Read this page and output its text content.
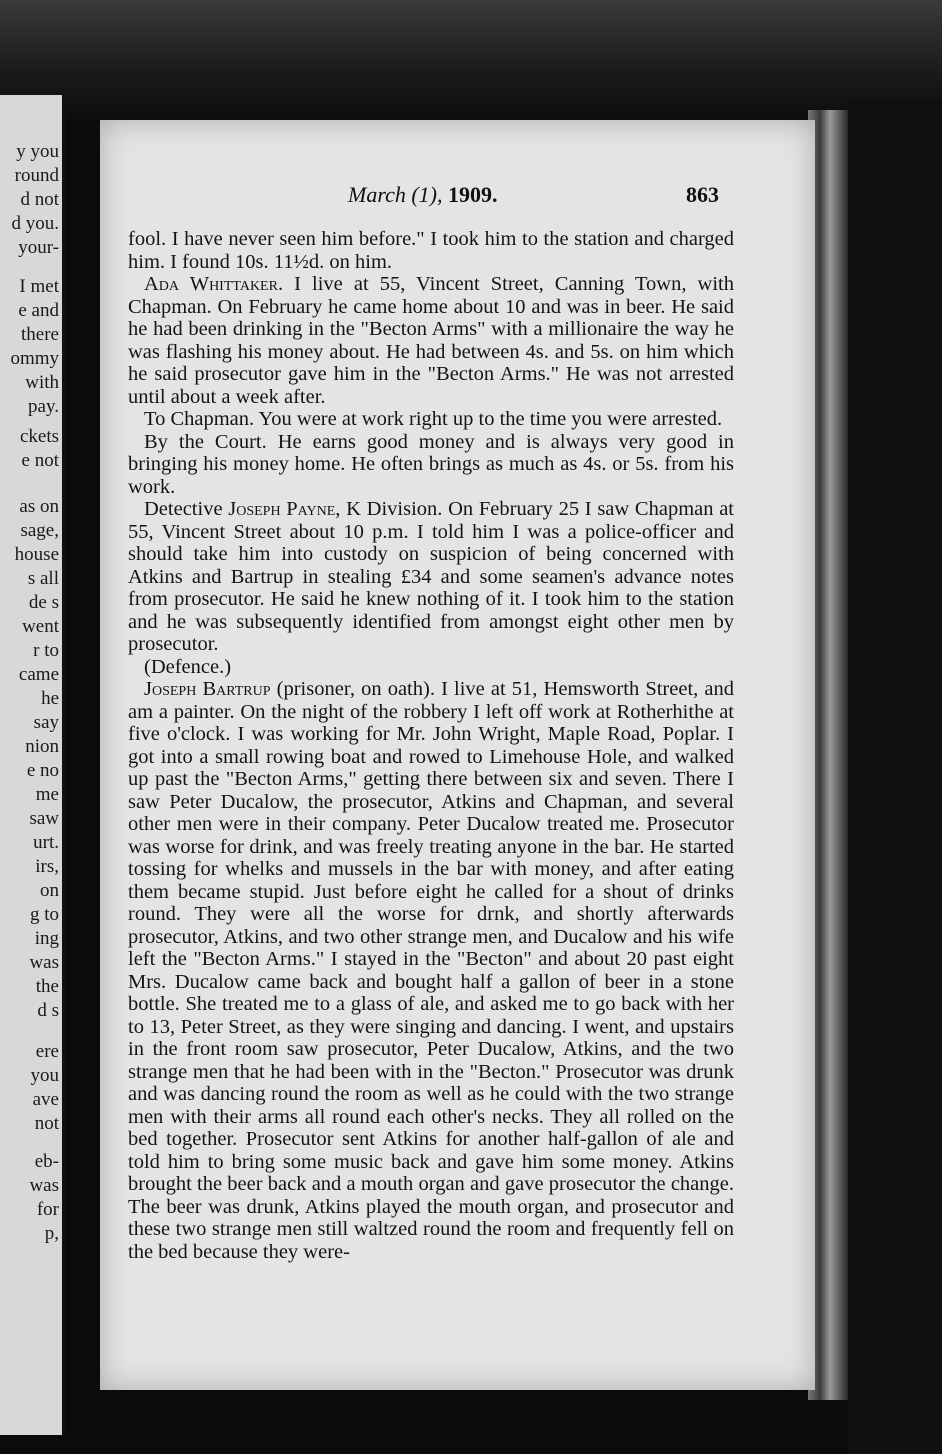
y you
round
d not
d you.
your-
I met
e and
there
ommy
with
pay.
ckets
e not
as on
sage,
house
s all
de s
went
r to
came
he
say
nion
e no
me
saw
urt.
irs,
on
g to
ing
was
the
d s
ere
you
ave
not
eb-
was
for
p,
March (1), 1909.	863

fool. I have never seen him before." I took him to the station and charged him. I found 10s. 11½d. on him.

Ada Whittaker. I live at 55, Vincent Street, Canning Town, with Chapman. On February he came home about 10 and was in beer. He said he had been drinking in the "Becton Arms" with a millionaire the way he was flashing his money about. He had between 4s. and 5s. on him which he said prosecutor gave him in the "Becton Arms." He was not arrested until about a week after.

To Chapman. You were at work right up to the time you were arrested.

By the Court. He earns good money and is always very good in bringing his money home. He often brings as much as 4s. or 5s. from his work.

Detective Joseph Payne, K Division. On February 25 I saw Chapman at 55, Vincent Street about 10 p.m. I told him I was a police-officer and should take him into custody on suspicion of being concerned with Atkins and Bartrup in stealing £34 and some seamen's advance notes from prosecutor. He said he knew nothing of it. I took him to the station and he was subsequently identified from amongst eight other men by prosecutor.

(Defence.)

Joseph Bartrup (prisoner, on oath). I live at 51, Hemsworth Street, and am a painter. On the night of the robbery I left off work at Rotherhithe at five o'clock. I was working for Mr. John Wright, Maple Road, Poplar. I got into a small rowing boat and rowed to Limehouse Hole, and walked up past the "Becton Arms," getting there between six and seven. There I saw Peter Ducalow, the prosecutor, Atkins and Chapman, and several other men were in their company. Peter Ducalow treated me. Prosecutor was worse for drink, and was freely treating anyone in the bar. He started tossing for whelks and mussels in the bar with money, and after eating them became stupid. Just before eight he called for a shout of drinks round. They were all the worse for drnk, and shortly afterwards prosecutor, Atkins, and two other strange men, and Ducalow and his wife left the "Becton Arms." I stayed in the "Becton" and about 20 past eight Mrs. Ducalow came back and bought half a gallon of beer in a stone bottle. She treated me to a glass of ale, and asked me to go back with her to 13, Peter Street, as they were singing and dancing. I went, and upstairs in the front room saw prosecutor, Peter Ducalow, Atkins, and the two strange men that he had been with in the "Becton." Prosecutor was drunk and was dancing round the room as well as he could with the two strange men with their arms all round each other's necks. They all rolled on the bed together. Prosecutor sent Atkins for another half-gallon of ale and told him to bring some music back and gave him some money. Atkins brought the beer back and a mouth organ and gave prosecutor the change. The beer was drunk, Atkins played the mouth organ, and prosecutor and these two strange men still waltzed round the room and frequently fell on the bed because they were-
